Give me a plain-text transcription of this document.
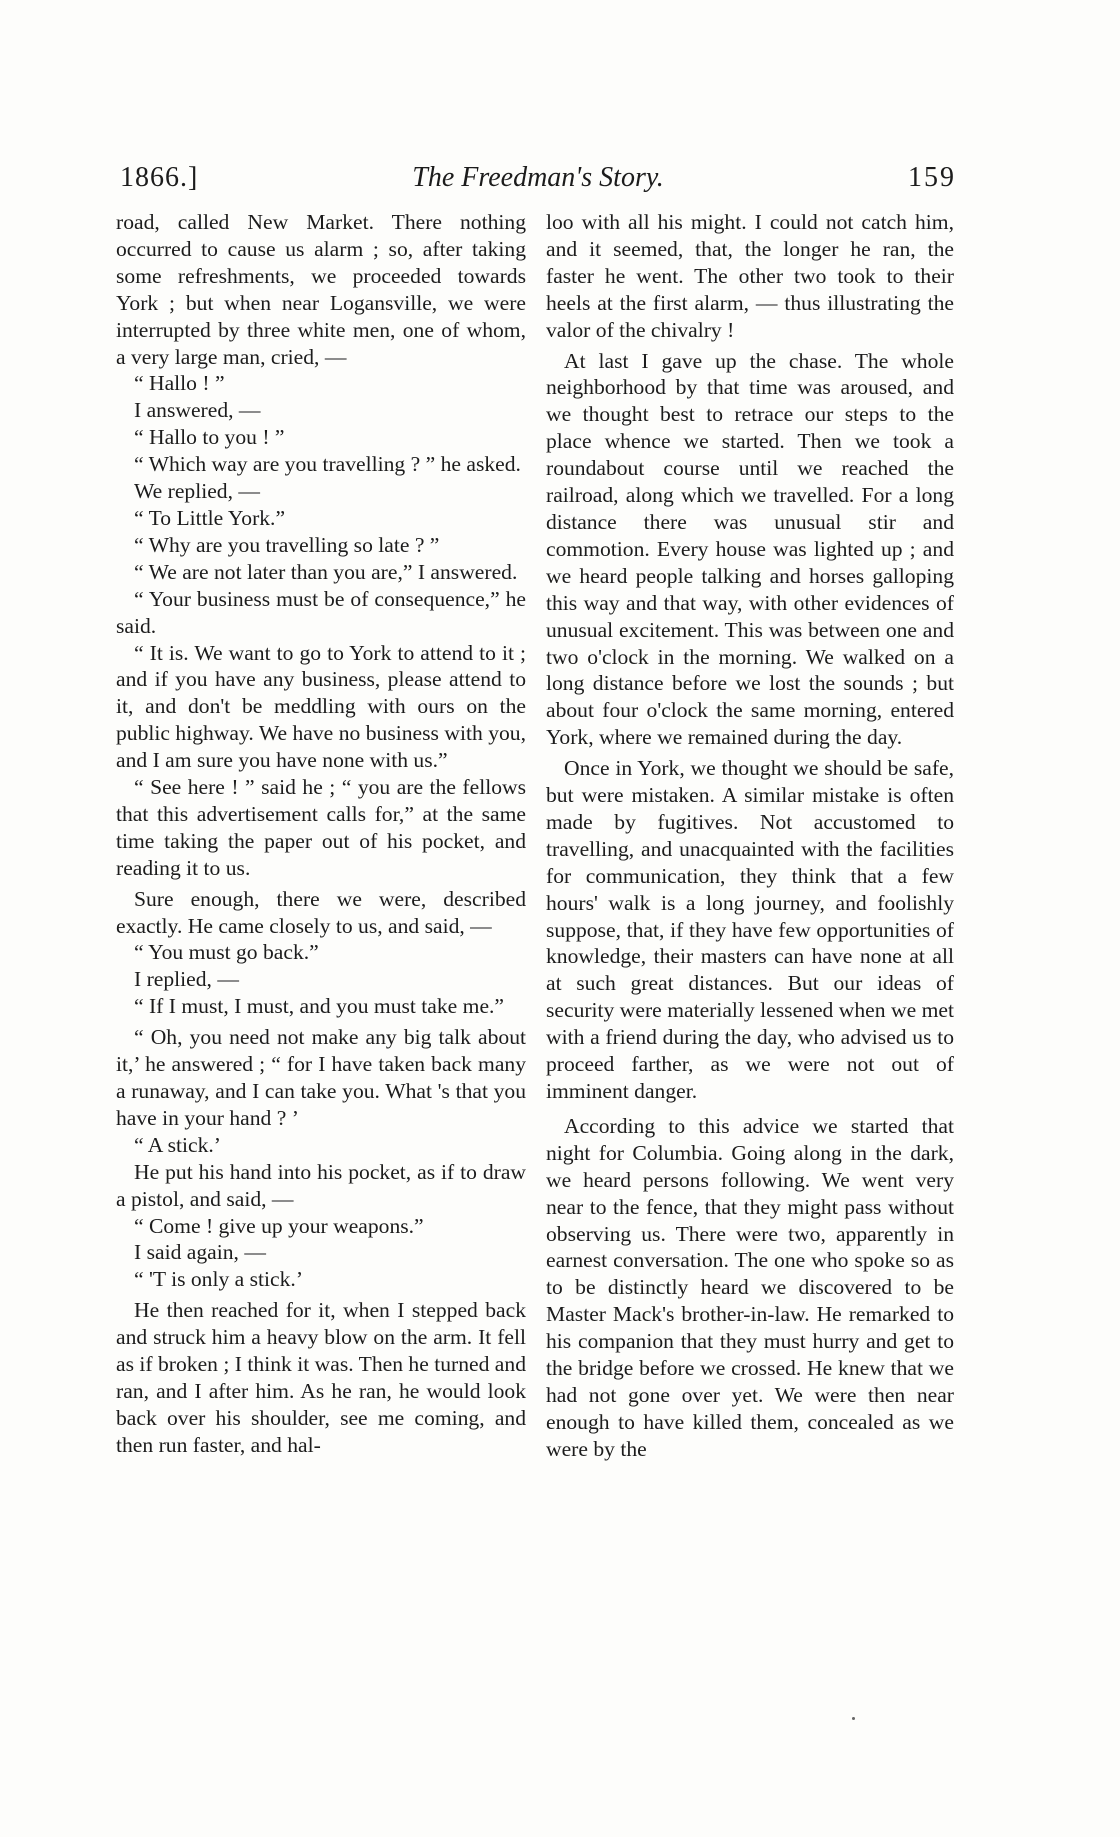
1866.]	The Freedman's Story.	159

road, called New Market. There nothing occurred to cause us alarm ; so, after taking some refreshments, we proceeded towards York ; but when near Logansville, we were interrupted by three white men, one of whom, a very large man, cried, —

“ Hallo ! ”

I answered, —

“ Hallo to you ! ”

“ Which way are you travelling ? ” he asked.

We replied, —

“ To Little York.”

“ Why are you travelling so late ? ”

“ We are not later than you are,” I answered.

“ Your business must be of consequence,” he said.

“ It is. We want to go to York to attend to it ; and if you have any business, please attend to it, and don't be meddling with ours on the public highway. We have no business with you, and I am sure you have none with us.”

“ See here ! ” said he ; “ you are the fellows that this advertisement calls for,” at the same time taking the paper out of his pocket, and reading it to us.

Sure enough, there we were, described exactly. He came closely to us, and said, —

“ You must go back.”

I replied, —

“ If I must, I must, and you must take me.”

“ Oh, you need not make any big talk about it,’ he answered ; “ for I have taken back many a runaway, and I can take you. What 's that you have in your hand ? ’

“ A stick.’

He put his hand into his pocket, as if to draw a pistol, and said, —

“ Come ! give up your weapons.”

I said again, —

“ 'T is only a stick.’

He then reached for it, when I stepped back and struck him a heavy blow on the arm. It fell as if broken ; I think it was. Then he turned and ran, and I after him. As he ran, he would look back over his shoulder, see me coming, and then run faster, and hal-

loo with all his might. I could not catch him, and it seemed, that, the longer he ran, the faster he went. The other two took to their heels at the first alarm, — thus illustrating the valor of the chivalry !

At last I gave up the chase. The whole neighborhood by that time was aroused, and we thought best to retrace our steps to the place whence we started. Then we took a roundabout course until we reached the railroad, along which we travelled. For a long distance there was unusual stir and commotion. Every house was lighted up ; and we heard people talking and horses galloping this way and that way, with other evidences of unusual excitement. This was between one and two o'clock in the morning. We walked on a long distance before we lost the sounds ; but about four o'clock the same morning, entered York, where we remained during the day.

Once in York, we thought we should be safe, but were mistaken. A similar mistake is often made by fugitives. Not accustomed to travelling, and unacquainted with the facilities for communication, they think that a few hours' walk is a long journey, and foolishly suppose, that, if they have few opportunities of knowledge, their masters can have none at all at such great distances. But our ideas of security were materially lessened when we met with a friend during the day, who advised us to proceed farther, as we were not out of imminent danger.

According to this advice we started that night for Columbia. Going along in the dark, we heard persons following. We went very near to the fence, that they might pass without observing us. There were two, apparently in earnest conversation. The one who spoke so as to be distinctly heard we discovered to be Master Mack's brother-in-law. He remarked to his companion that they must hurry and get to the bridge before we crossed. He knew that we had not gone over yet. We were then near enough to have killed them, concealed as we were by the
